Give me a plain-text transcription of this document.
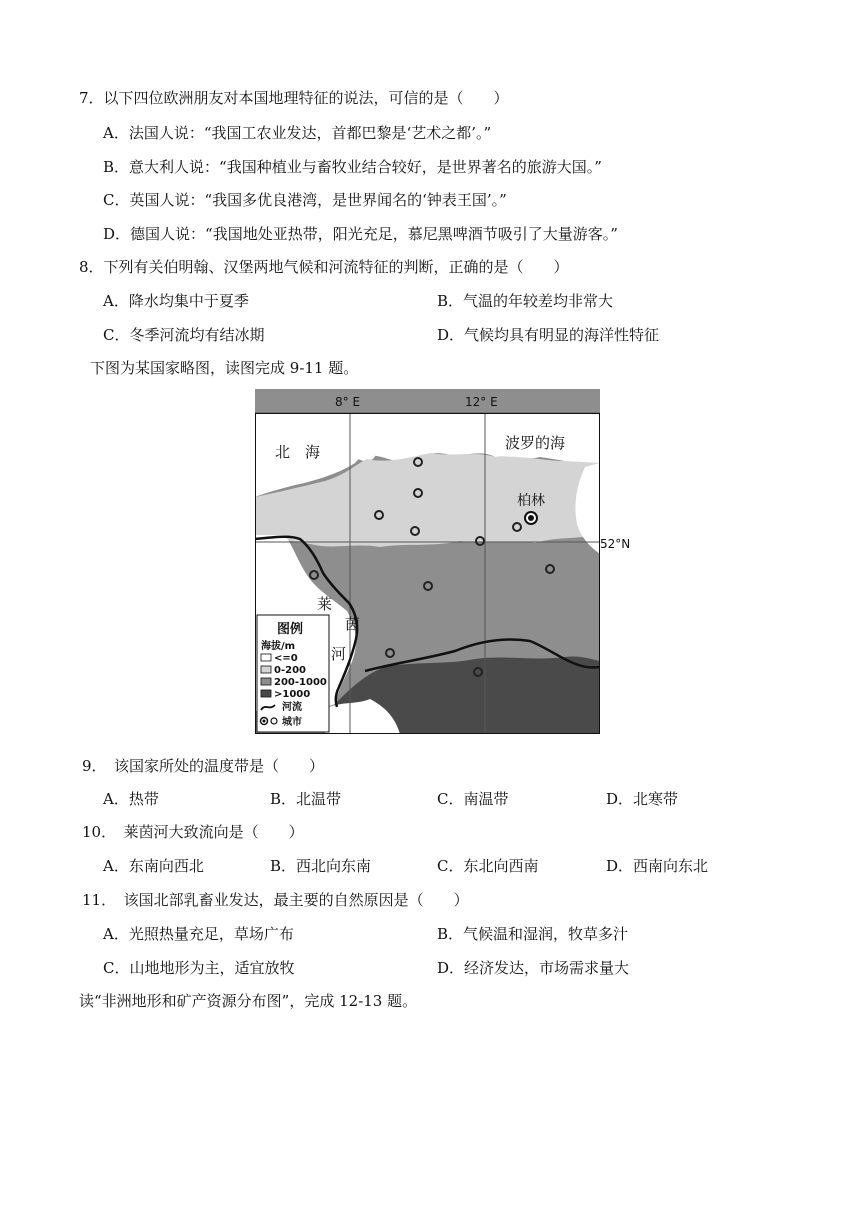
7．以下四位欧洲朋友对本国地理特征的说法，可信的是（　　）
A．法国人说：“我国工农业发达，首都巴黎是‘艺术之都’。”
B．意大利人说：“我国种植业与畜牧业结合较好，是世界著名的旅游大国。”
C．英国人说：“我国多优良港湾，是世界闻名的‘钟表王国’。”
D．德国人说：“我国地处亚热带，阳光充足，慕尼黑啤酒节吸引了大量游客。”
8．下列有关伯明翰、汉堡两地气候和河流特征的判断，正确的是（　　）
A．降水均集中于夏季	B．气温的年较差均非常大
C．冬季河流均有结冰期	D．气候均具有明显的海洋性特征
下图为某国家略图，读图完成 9-11 题。
8° E	12° E
北　海	波罗的海
柏林
莱
茵
河
图例
海拔/m
<=0
0-200
200-1000
>1000
河流
城市
52°N
9．　该国家所处的温度带是（　　）
A．热带	B．北温带	C．南温带	D．北寒带
10．　莱茵河大致流向是（　　）
A．东南向西北	B．西北向东南	C．东北向西南	D．西南向东北
11．　该国北部乳畜业发达，最主要的自然原因是（　　）
A．光照热量充足，草场广布	B．气候温和湿润，牧草多汁
C．山地地形为主，适宜放牧	D．经济发达，市场需求量大
读“非洲地形和矿产资源分布图”，完成 12-13 题。
